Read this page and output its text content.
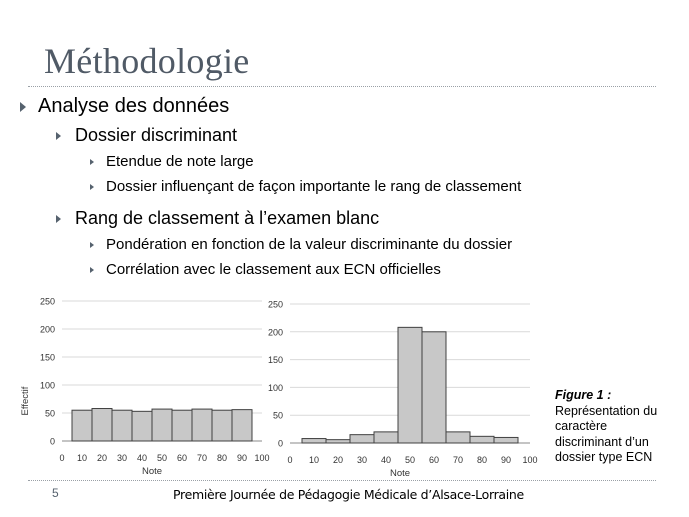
Méthodologie
Analyse des données
Dossier discriminant
Etendue de note large
Dossier influençant de façon importante le rang de classement
Rang de classement à l’examen blanc
Pondération en fonction de la valeur discriminante du dossier
Corrélation avec le classement aux ECN officielles
0
50
100
150
200
250
0 10 20 30 40 50 60 70 80 90 100
Note
Effectif
0
50
100
150
200
250
0 10 20 30 40 50 60 70 80 90 100
Note
Figure 1 :
Représentation du
caractère
discriminant d’un
dossier type ECN
5	Première Journée de Pédagogie Médicale d’Alsace-Lorraine
